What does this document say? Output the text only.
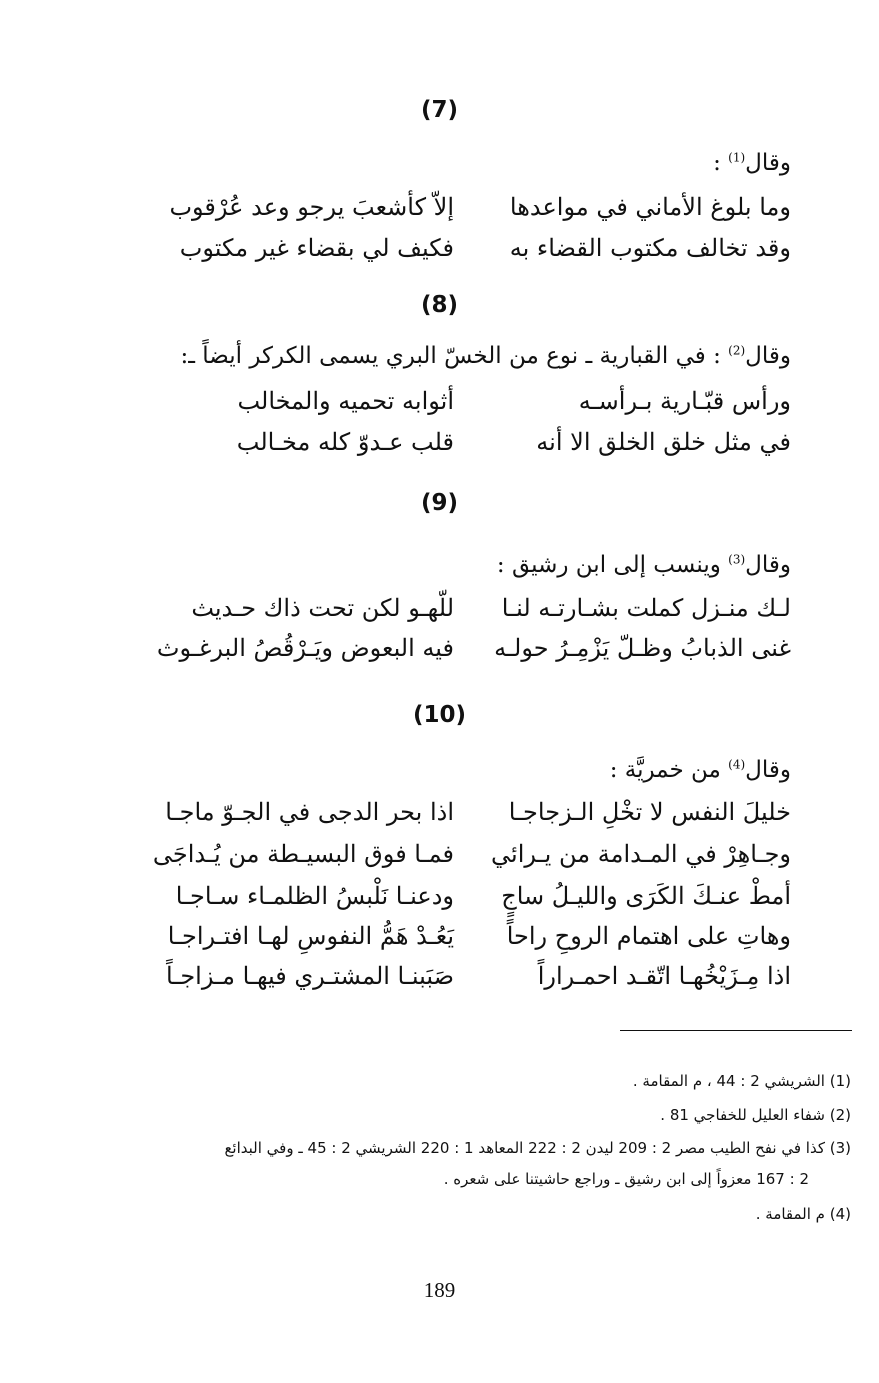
(7)
وقال$^{(1)}$ :
وما بلوغ الأماني في مواعدها
إلاّ كأشعبَ يرجو وعد عُرْقوب
وقد تخالف مكتوب القضاء به
فكيف لي بقضاء غير مكتوب
(8)
وقال$^{(2)}$ : في القبارية ـ نوع من الخسّ البري يسمى الكركر أيضاً ـ:
ورأس قبّـارية بـرأسـه
أثوابه تحميه والمخالب
في مثل خلق الخلق الا أنه
قلب عـدوّ كله مخـالب
(9)
وقال$^{(3)}$ وينسب إلى ابن رشيق :
لـك منـزل كملت بشـارتـه لنـا
للّهـو لكن تحت ذاك حـديث
غنى الذبابُ وظـلّ يَزْمِـرُ حولـه
فيه البعوض ويَـرْقُصُ البرغـوث
(10)
وقال$^{(4)}$ من خمريَّة :
خليلَ النفس لا تخْلِ الـزجاجـا
اذا بحر الدجى في الجـوّ ماجـا
وجـاهِرْ في المـدامة من يـرائي
فمـا فوق البسيـطة من يُـداجَى
أمطْ عنـكَ الكَرَى والليـلُ ساجٍ
ودعنـا نَلْبسُ الظلمـاء سـاجـا
وهاتِ على اهتمام الروحِ راحاً
يَعُـدْ هَمُّ النفوسِ لهـا افتـراجـا
اذا مِـزَيْخُهـا اتّقـد احمـراراً
صَبَبنـا المشتـري فيهـا مـزاجـاً
(1) الشريشي 2 : 44 ، م المقامة .
(2) شفاء العليل للخفاجي 81 .
(3) كذا في نفح الطيب مصر 2 : 209 ليدن 2 : 222 المعاهد 1 : 220 الشريشي 2 : 45 ـ وفي البدائع
2 : 167 معزواً إلى ابن رشيق ـ وراجع حاشيتنا على شعره .
(4) م المقامة .
189
